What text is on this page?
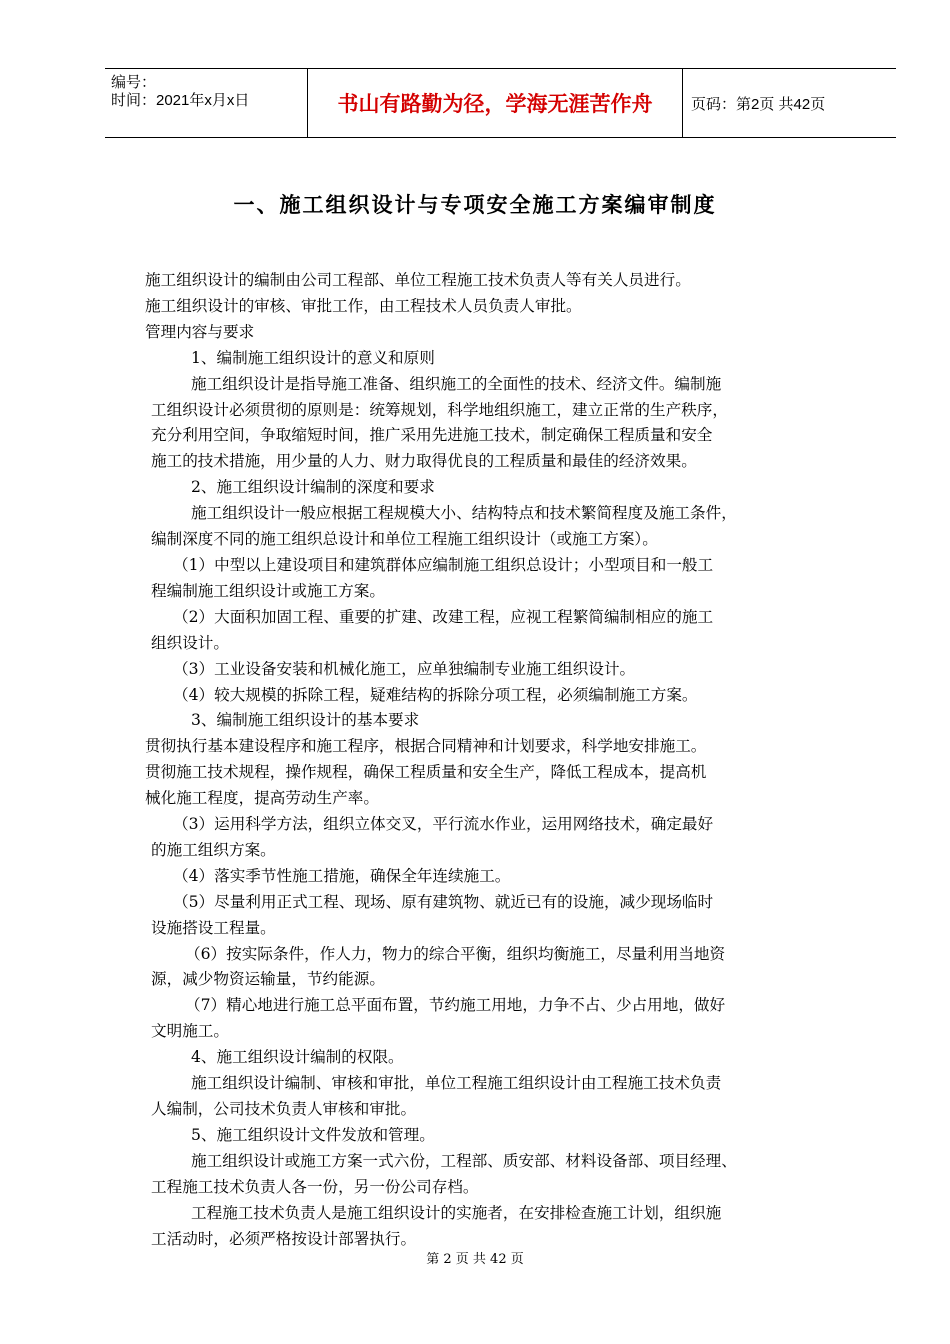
编号：
时间：2021年x月x日	书山有路勤为径，学海无涯苦作舟	页码：第2页 共42页
一、施工组织设计与专项安全施工方案编审制度
施工组织设计的编制由公司工程部、单位工程施工技术负责人等有关人员进行。
施工组织设计的审核、审批工作，由工程技术人员负责人审批。
管理内容与要求
1、编制施工组织设计的意义和原则
施工组织设计是指导施工准备、组织施工的全面性的技术、经济文件。编制施
工组织设计必须贯彻的原则是：统筹规划，科学地组织施工，建立正常的生产秩序，
充分利用空间，争取缩短时间，推广采用先进施工技术，制定确保工程质量和安全
施工的技术措施，用少量的人力、财力取得优良的工程质量和最佳的经济效果。
2、施工组织设计编制的深度和要求
施工组织设计一般应根据工程规模大小、结构特点和技术繁简程度及施工条件，
编制深度不同的施工组织总设计和单位工程施工组织设计（或施工方案）。
（1）中型以上建设项目和建筑群体应编制施工组织总设计；小型项目和一般工
程编制施工组织设计或施工方案。
（2）大面积加固工程、重要的扩建、改建工程，应视工程繁简编制相应的施工
组织设计。
（3）工业设备安装和机械化施工，应单独编制专业施工组织设计。
（4）较大规模的拆除工程，疑难结构的拆除分项工程，必须编制施工方案。
3、编制施工组织设计的基本要求
贯彻执行基本建设程序和施工程序，根据合同精神和计划要求，科学地安排施工。
贯彻施工技术规程，操作规程，确保工程质量和安全生产，降低工程成本，提高机
械化施工程度，提高劳动生产率。
（3）运用科学方法，组织立体交叉，平行流水作业，运用网络技术，确定最好
的施工组织方案。
（4）落实季节性施工措施，确保全年连续施工。
（5）尽量利用正式工程、现场、原有建筑物、就近已有的设施，减少现场临时
设施搭设工程量。
（6）按实际条件，作人力，物力的综合平衡，组织均衡施工，尽量利用当地资
源，减少物资运输量，节约能源。
（7）精心地进行施工总平面布置，节约施工用地，力争不占、少占用地，做好
文明施工。
4、施工组织设计编制的权限。
施工组织设计编制、审核和审批，单位工程施工组织设计由工程施工技术负责
人编制，公司技术负责人审核和审批。
5、施工组织设计文件发放和管理。
施工组织设计或施工方案一式六份，工程部、质安部、材料设备部、项目经理、
工程施工技术负责人各一份，另一份公司存档。
工程施工技术负责人是施工组织设计的实施者，在安排检查施工计划，组织施
工活动时，必须严格按设计部署执行。
第 2 页 共 42 页
